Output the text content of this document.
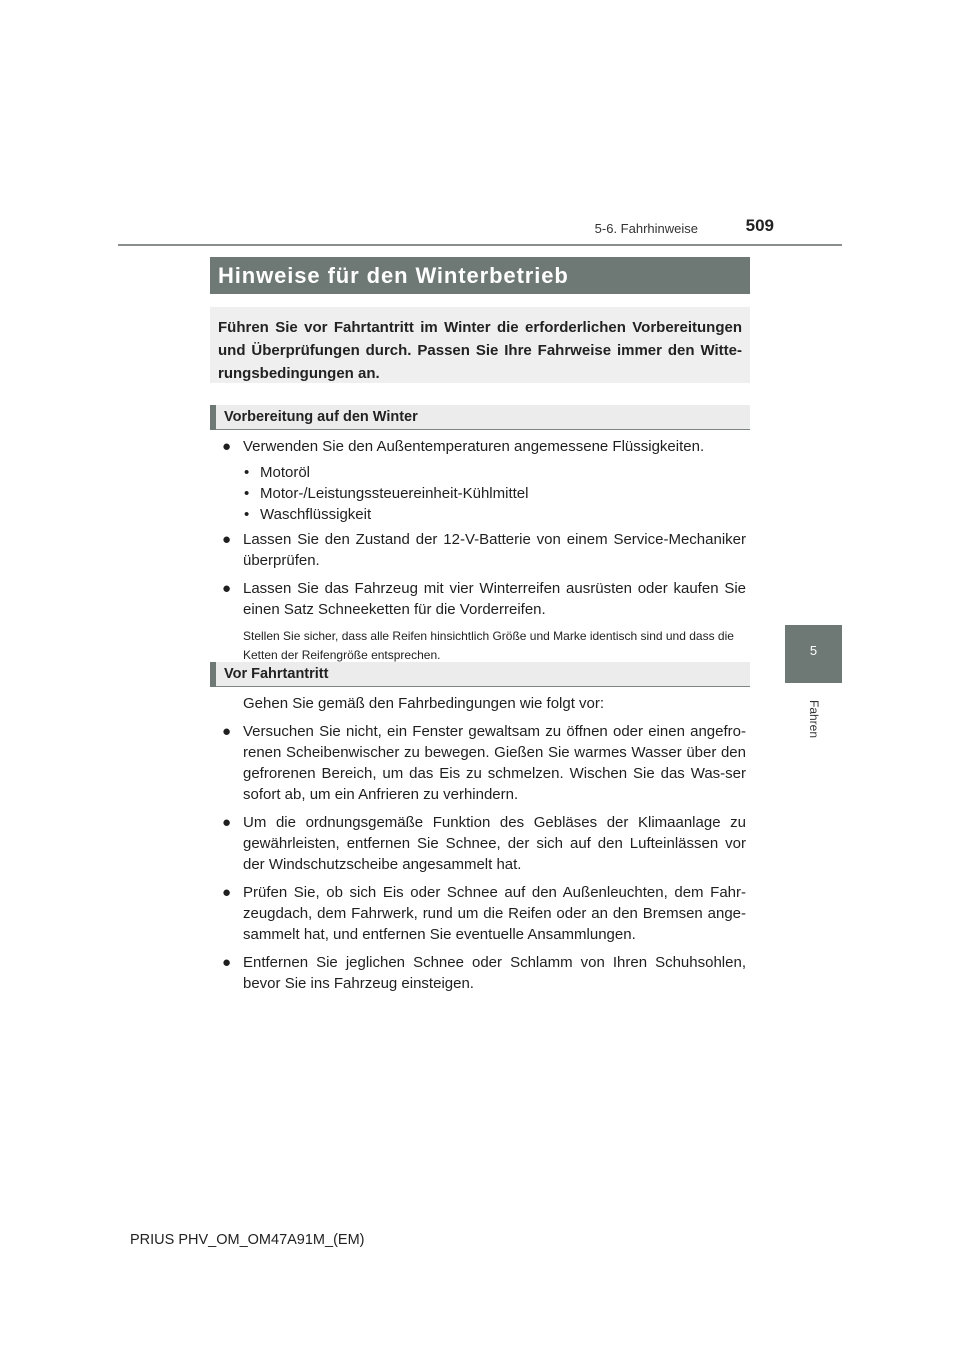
5-6. Fahrhinweise	509
5
Fahren
Hinweise für den Winterbetrieb

Führen Sie vor Fahrtantritt im Winter die erforderlichen Vorbereitungen und Überprüfungen durch. Passen Sie Ihre Fahrweise immer den Witte-rungsbedingungen an.

Vorbereitung auf den Winter
● Verwenden Sie den Außentemperaturen angemessene Flüssigkeiten.
• Motoröl
• Motor-/Leistungssteuereinheit-Kühlmittel
• Waschflüssigkeit
● Lassen Sie den Zustand der 12-V-Batterie von einem Service-Mechaniker überprüfen.
● Lassen Sie das Fahrzeug mit vier Winterreifen ausrüsten oder kaufen Sie einen Satz Schneeketten für die Vorderreifen.

Stellen Sie sicher, dass alle Reifen hinsichtlich Größe und Marke identisch sind und dass die Ketten der Reifengröße entsprechen.

Vor Fahrtantritt
Gehen Sie gemäß den Fahrbedingungen wie folgt vor:
● Versuchen Sie nicht, ein Fenster gewaltsam zu öffnen oder einen angefro-renen Scheibenwischer zu bewegen. Gießen Sie warmes Wasser über den gefrorenen Bereich, um das Eis zu schmelzen. Wischen Sie das Was-ser sofort ab, um ein Anfrieren zu verhindern.
● Um die ordnungsgemäße Funktion des Gebläses der Klimaanlage zu gewährleisten, entfernen Sie Schnee, der sich auf den Lufteinlässen vor der Windschutzscheibe angesammelt hat.
● Prüfen Sie, ob sich Eis oder Schnee auf den Außenleuchten, dem Fahr-zeugdach, dem Fahrwerk, rund um die Reifen oder an den Bremsen ange-sammelt hat, und entfernen Sie eventuelle Ansammlungen.
● Entfernen Sie jeglichen Schnee oder Schlamm von Ihren Schuhsohlen, bevor Sie ins Fahrzeug einsteigen.
PRIUS PHV_OM_OM47A91M_(EM)
